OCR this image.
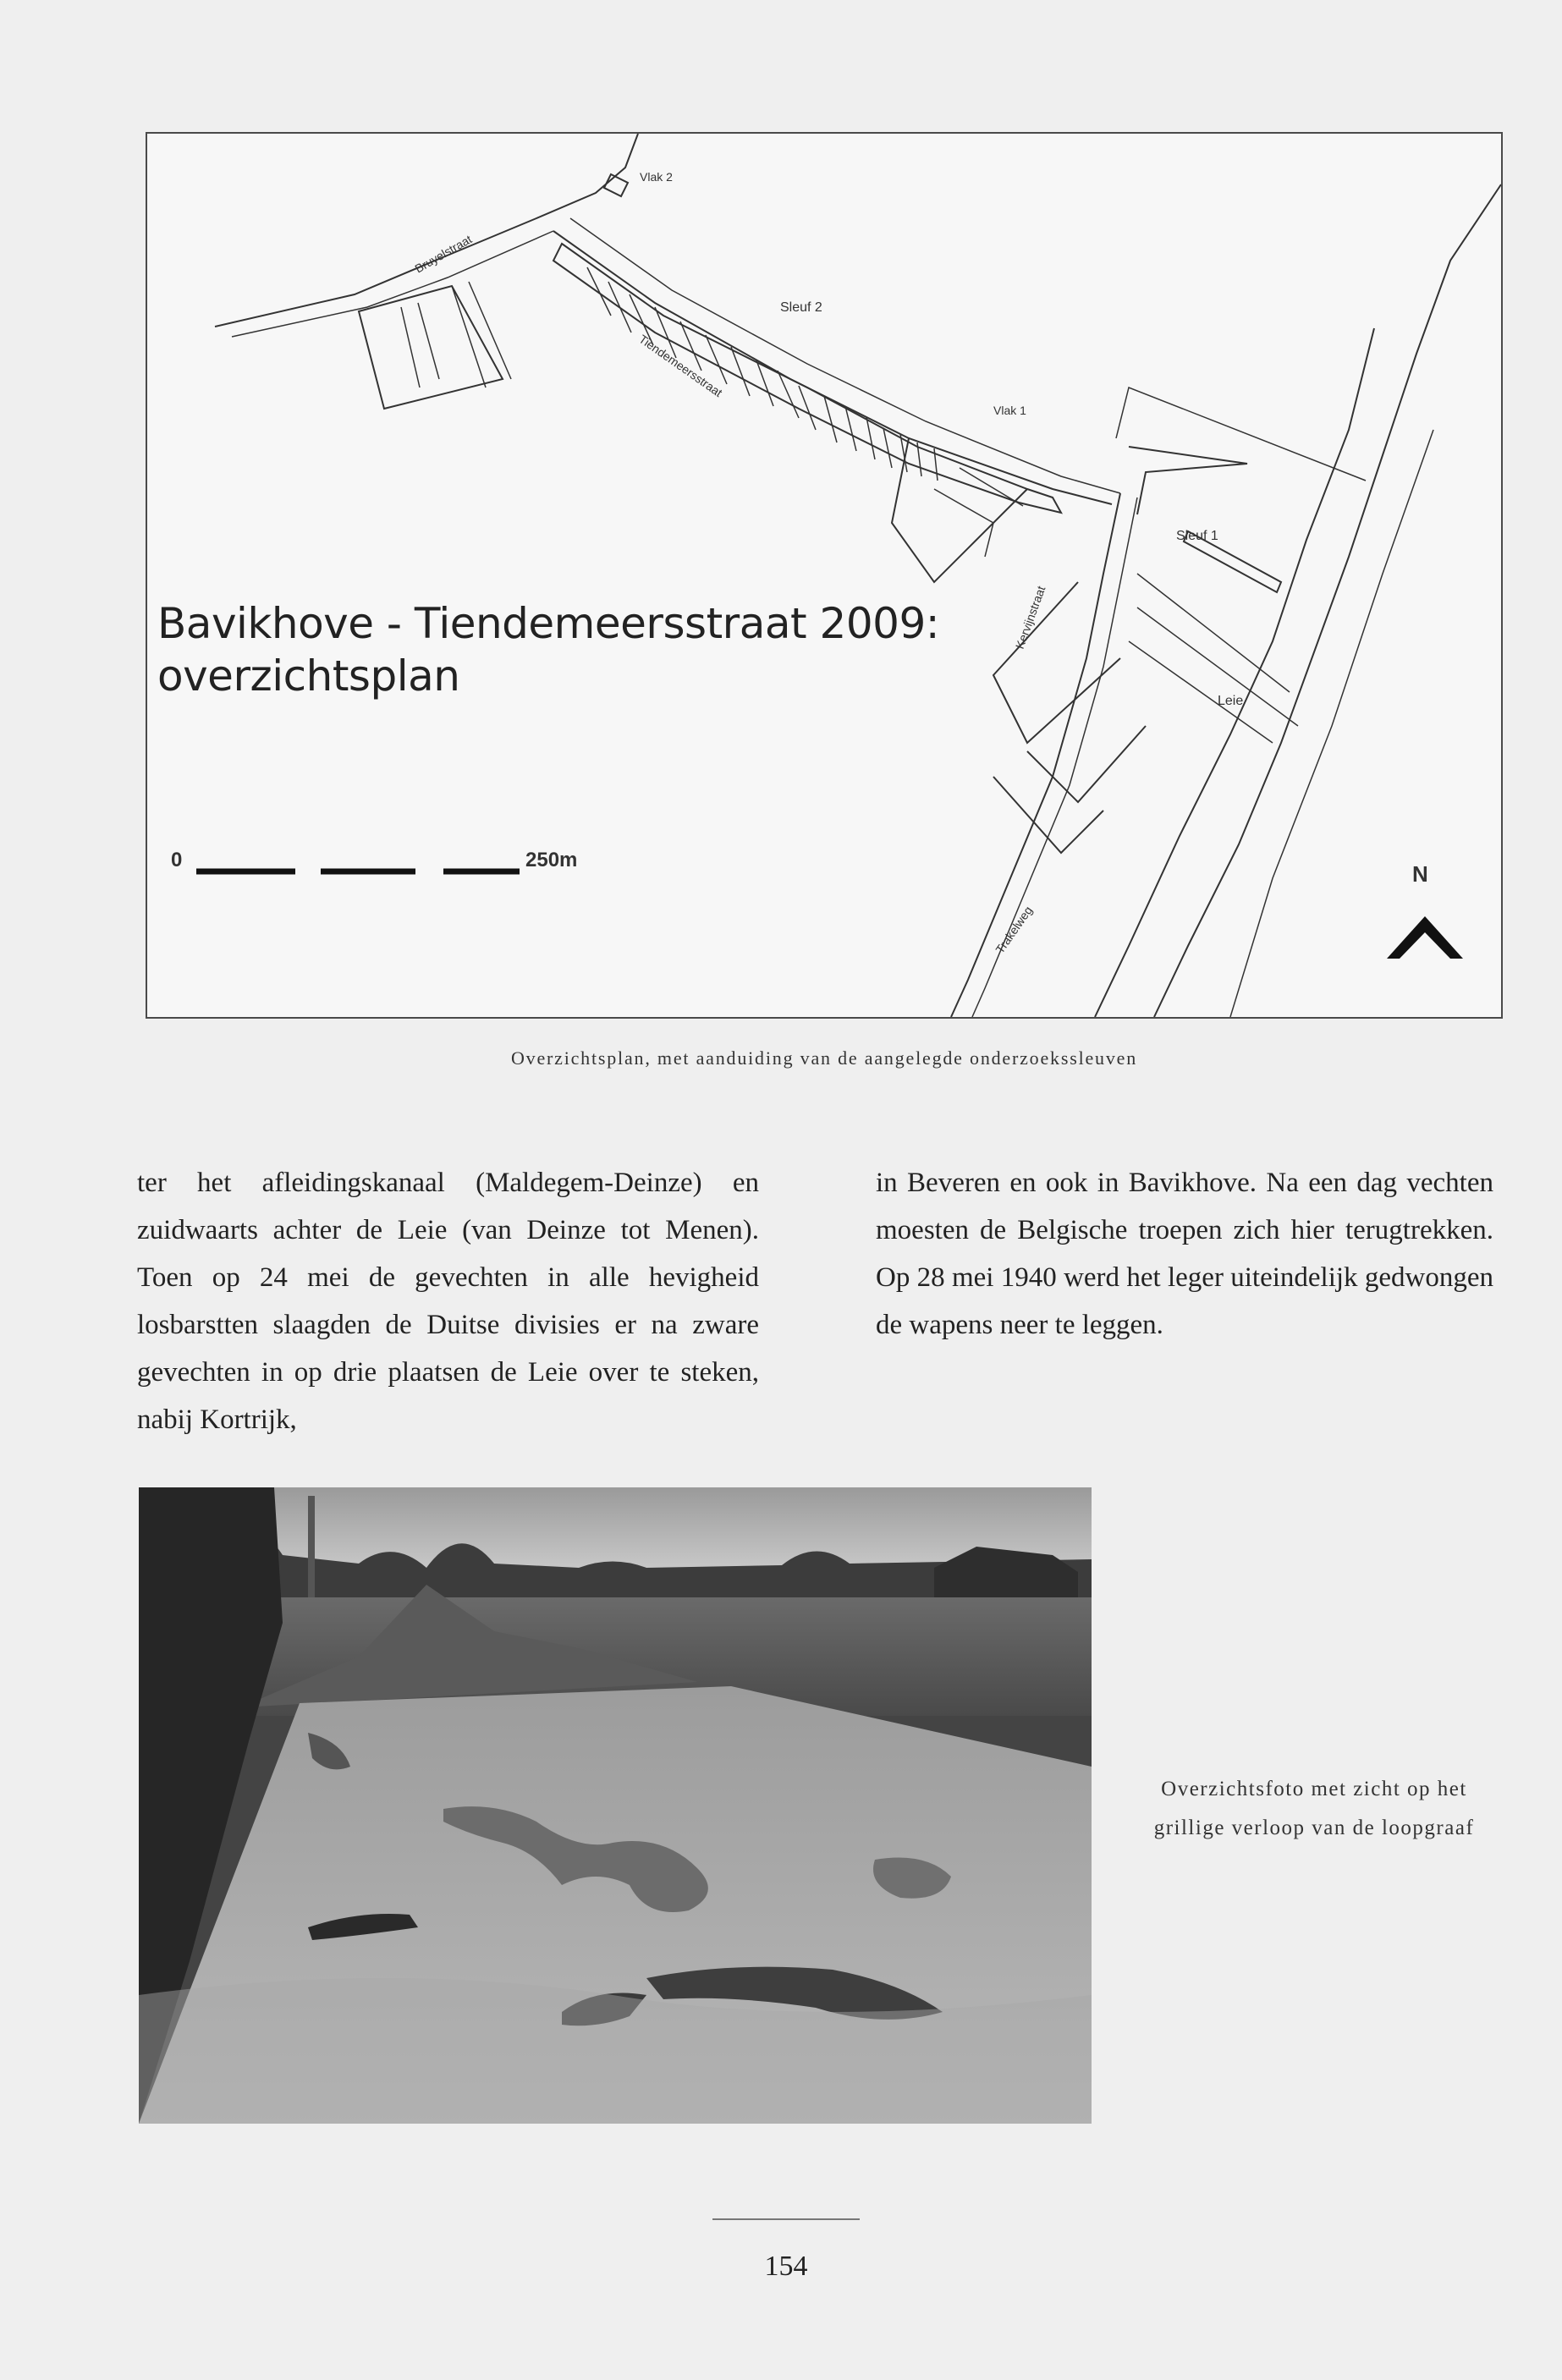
Vlak 2
Vlak 1
Sleuf 2
Sleuf 1
Leie
Bruyelstraat
Tiendemeersstraat
Kervijnstraat
Trakelweg
Bavikhove - Tiendemeersstraat 2009:
overzichtsplan
0	250m
N
Overzichtsplan, met aanduiding van de aangelegde onderzoekssleuven

ter het afleidingskanaal (Maldegem-Deinze) en zuidwaarts achter de Leie (van Deinze tot Menen). Toen op 24 mei de gevechten in alle hevigheid losbarstten slaagden de Duitse divisies er na zware gevechten in op drie plaatsen de Leie over te steken, nabij Kortrijk,

in Beveren en ook in Bavikhove. Na een dag vechten moesten de Belgische troepen zich hier terugtrekken. Op 28 mei 1940 werd het leger uiteindelijk gedwongen de wapens neer te leggen.

Overzichtsfoto met zicht op het
grillige verloop van de loopgraaf

154
